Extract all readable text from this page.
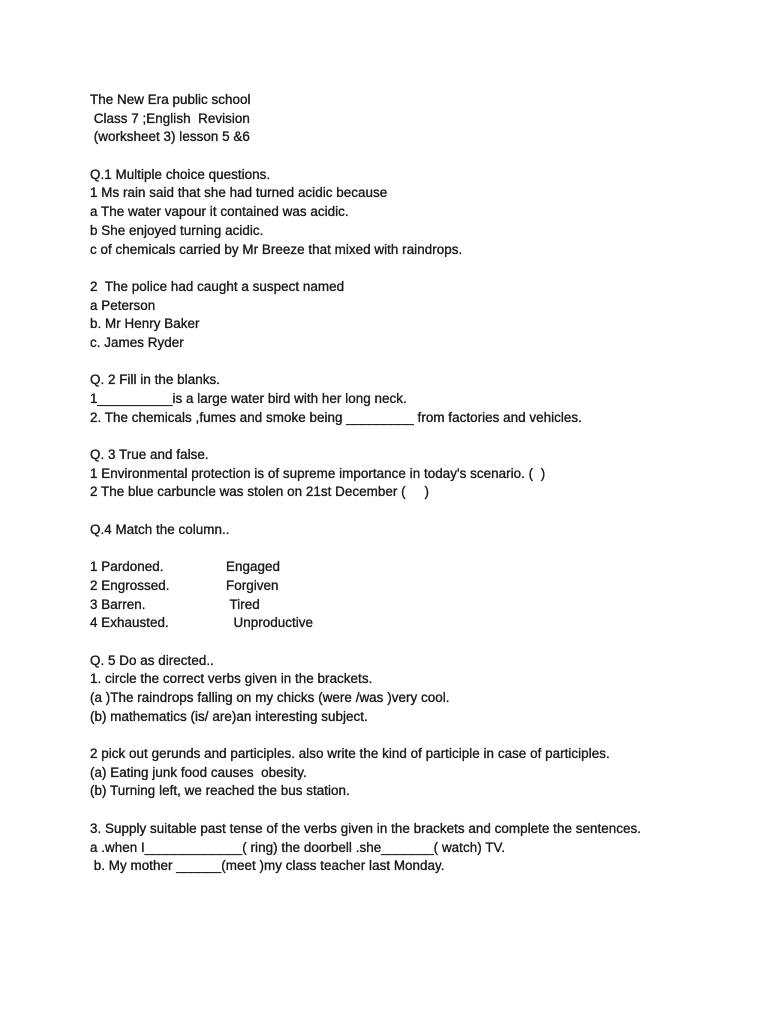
The New Era public school
Class 7 ;English  Revision
(worksheet 3) lesson 5 &6
Q.1 Multiple choice questions.
1 Ms rain said that she had turned acidic because
a The water vapour it contained was acidic.
b She enjoyed turning acidic.
c of chemicals carried by Mr Breeze that mixed with raindrops.
2  The police had caught a suspect named
a Peterson
b. Mr Henry Baker
c. James Ryder
Q. 2 Fill in the blanks.
1__________is a large water bird with her long neck.
2. The chemicals ,fumes and smoke being _________ from factories and vehicles.
Q. 3 True and false.
1 Environmental protection is of supreme importance in today's scenario. (  )
2 The blue carbuncle was stolen on 21st December (     )
Q.4 Match the column..
1 Pardoned.	Engaged
2 Engrossed.	Forgiven
3 Barren.	Tired
4 Exhausted.	Unproductive
Q. 5 Do as directed..
1. circle the correct verbs given in the brackets.
(a )The raindrops falling on my chicks (were /was )very cool.
(b) mathematics (is/ are)an interesting subject.
2 pick out gerunds and participles. also write the kind of participle in case of participles.
(a) Eating junk food causes  obesity.
(b) Turning left, we reached the bus station.
3. Supply suitable past tense of the verbs given in the brackets and complete the sentences.
a .when I_____________( ring) the doorbell .she_______( watch) TV.
b. My mother ______(meet )my class teacher last Monday.
